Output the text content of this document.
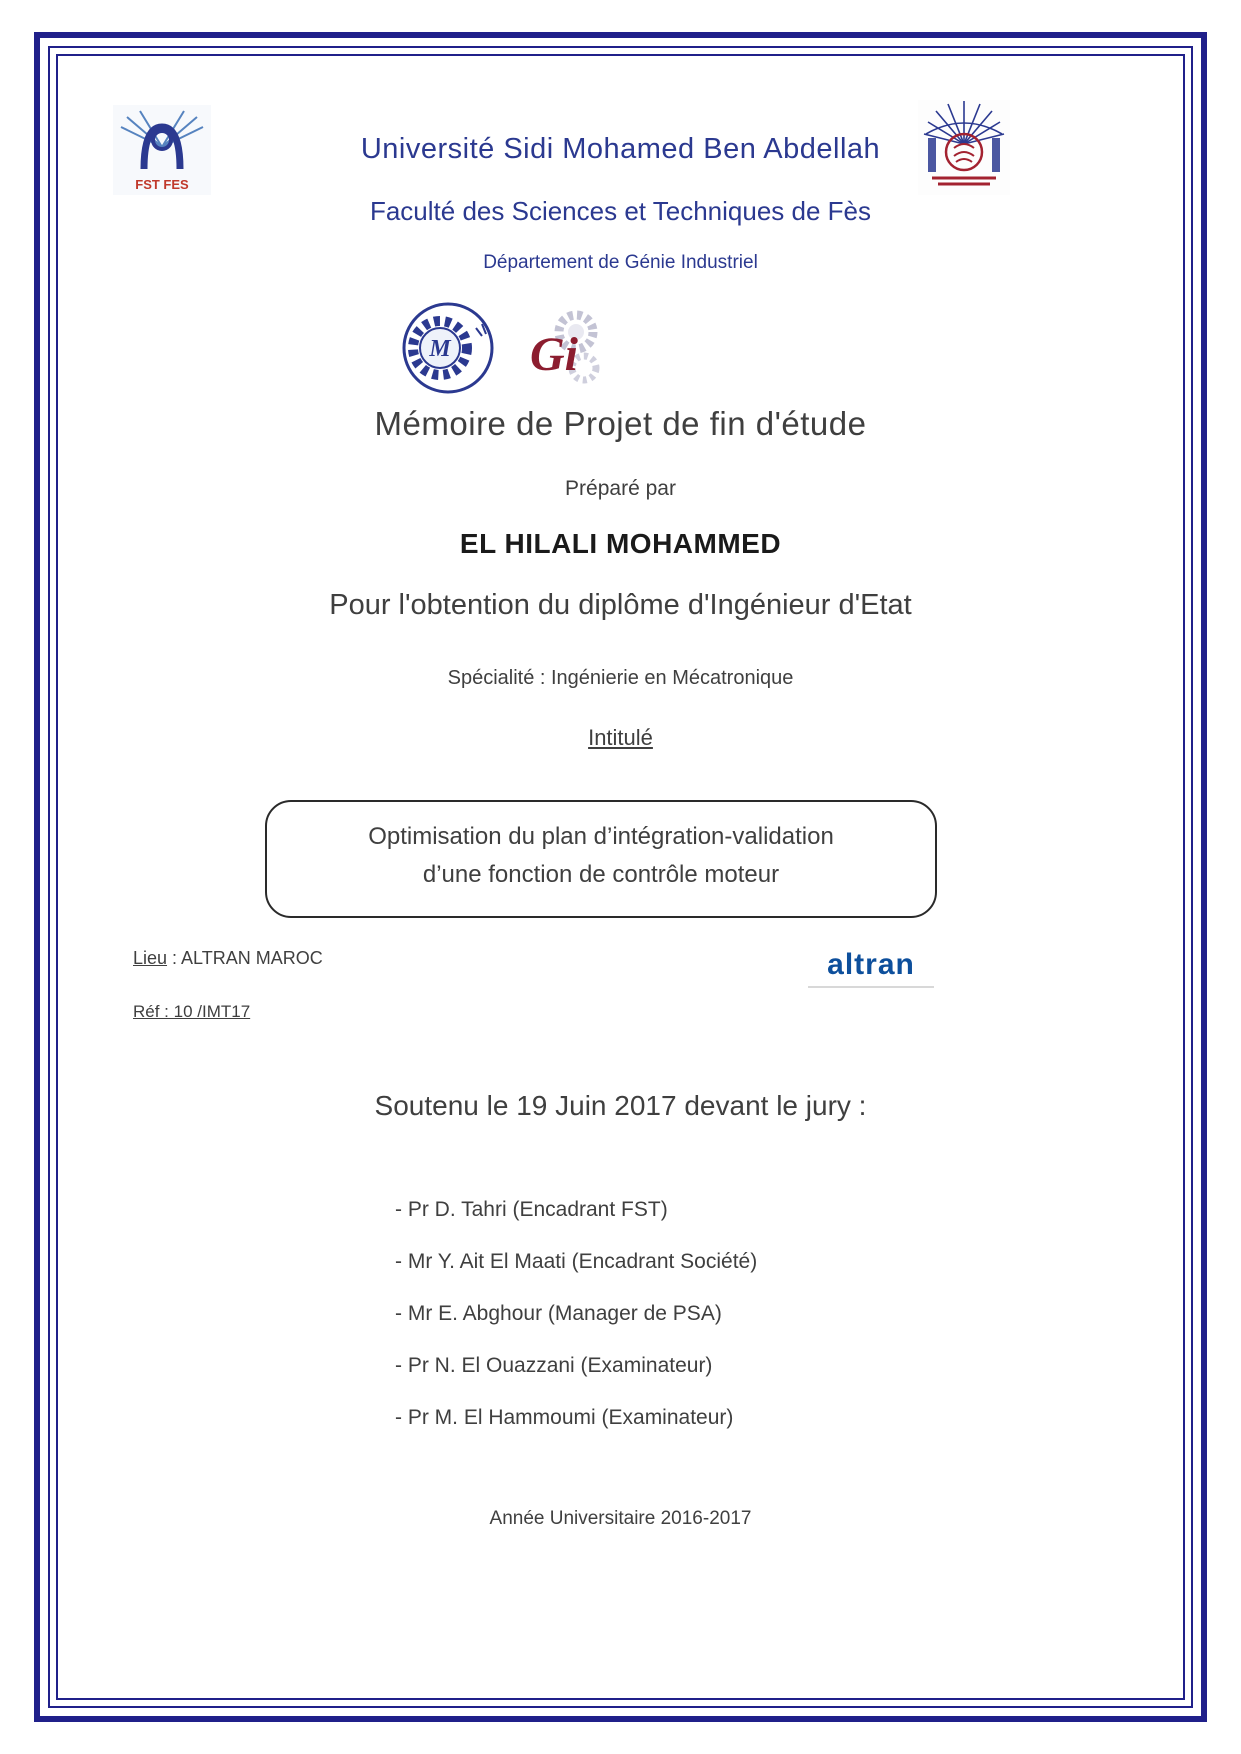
FST FES
Université Sidi Mohamed Ben Abdellah
Faculté des Sciences et Techniques de Fès
Département de Génie Industriel
M Gi
Mémoire de Projet de fin d'étude
Préparé par
EL HILALI MOHAMMED
Pour l'obtention du diplôme d'Ingénieur d'Etat
Spécialité : Ingénierie en Mécatronique
Intitulé
Optimisation du plan d’intégration-validation
d’une fonction de contrôle moteur
Lieu : ALTRAN MAROC	altran
Réf : 10 /IMT17
Soutenu le 19 Juin 2017 devant le jury :
- Pr D. Tahri (Encadrant FST)
- Mr Y. Ait El Maati (Encadrant Société)
- Mr E. Abghour (Manager de PSA)
- Pr N. El Ouazzani (Examinateur)
- Pr M. El Hammoumi (Examinateur)
Année Universitaire 2016-2017
